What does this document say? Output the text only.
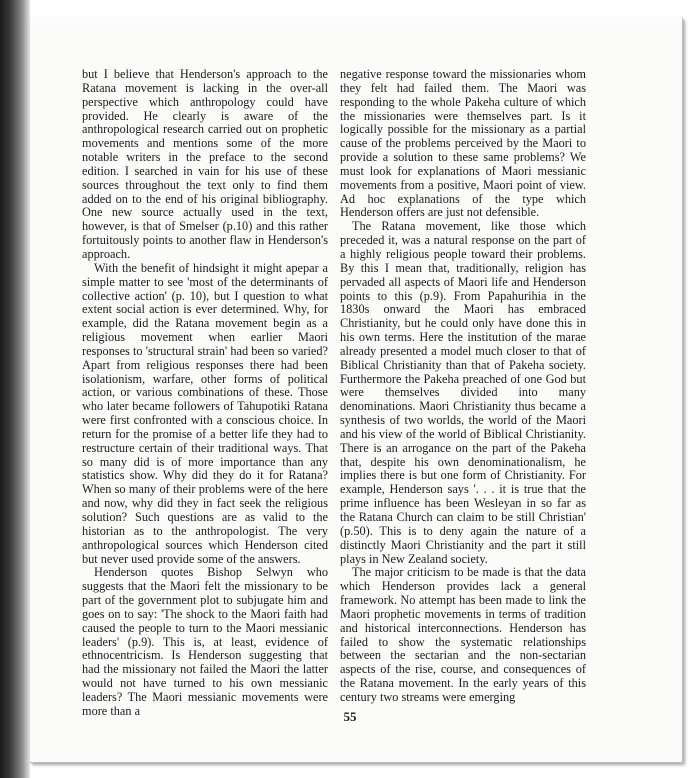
but I believe that Henderson's approach to the Ratana movement is lacking in the over-all perspective which anthropology could have provided. He clearly is aware of the anthropological research carried out on prophetic movements and mentions some of the more notable writers in the preface to the second edition. I searched in vain for his use of these sources throughout the text only to find them added on to the end of his original bibliography. One new source actually used in the text, however, is that of Smelser (p.10) and this rather fortuitously points to another flaw in Henderson's approach.

With the benefit of hindsight it might apepar a simple matter to see 'most of the determinants of collective action' (p. 10), but I question to what extent social action is ever determined. Why, for example, did the Ratana movement begin as a religious movement when earlier Maori responses to 'structural strain' had been so varied? Apart from religious responses there had been isolationism, warfare, other forms of political action, or various combinations of these. Those who later became followers of Tahupotiki Ratana were first confronted with a conscious choice. In return for the promise of a better life they had to restructure certain of their traditional ways. That so many did is of more importance than any statistics show. Why did they do it for Ratana? When so many of their problems were of the here and now, why did they in fact seek the religious solution? Such questions are as valid to the historian as to the anthropologist. The very anthropological sources which Henderson cited but never used provide some of the answers.

Henderson quotes Bishop Selwyn who suggests that the Maori felt the missionary to be part of the government plot to subjugate him and goes on to say: 'The shock to the Maori faith had caused the people to turn to the Maori messianic leaders' (p.9). This is, at least, evidence of ethnocentricism. Is Henderson suggesting that had the missionary not failed the Maori the latter would not have turned to his own messianic leaders? The Maori messianic movements were more than a

negative response toward the missionaries whom they felt had failed them. The Maori was responding to the whole Pakeha culture of which the missionaries were themselves part. Is it logically possible for the missionary as a partial cause of the problems perceived by the Maori to provide a solution to these same problems? We must look for explanations of Maori messianic movements from a positive, Maori point of view. Ad hoc explanations of the type which Henderson offers are just not defensible.

The Ratana movement, like those which preceded it, was a natural response on the part of a highly religious people toward their problems. By this I mean that, traditionally, religion has pervaded all aspects of Maori life and Henderson points to this (p.9). From Papahurihia in the 1830s onward the Maori has embraced Christianity, but he could only have done this in his own terms. Here the institution of the marae already presented a model much closer to that of Biblical Christianity than that of Pakeha society. Furthermore the Pakeha preached of one God but were themselves divided into many denominations. Maori Christianity thus became a synthesis of two worlds, the world of the Maori and his view of the world of Biblical Christianity. There is an arrogance on the part of the Pakeha that, despite his own denominationalism, he implies there is but one form of Christianity. For example, Henderson says '. . . it is true that the prime influence has been Wesleyan in so far as the Ratana Church can claim to be still Christian' (p.50). This is to deny again the nature of a distinctly Maori Christianity and the part it still plays in New Zealand society.

The major criticism to be made is that the data which Henderson provides lack a general framework. No attempt has been made to link the Maori prophetic movements in terms of tradition and historical interconnections. Henderson has failed to show the systematic relationships between the sectarian and the non-sectarian aspects of the rise, course, and consequences of the Ratana movement. In the early years of this century two streams were emerging

55
